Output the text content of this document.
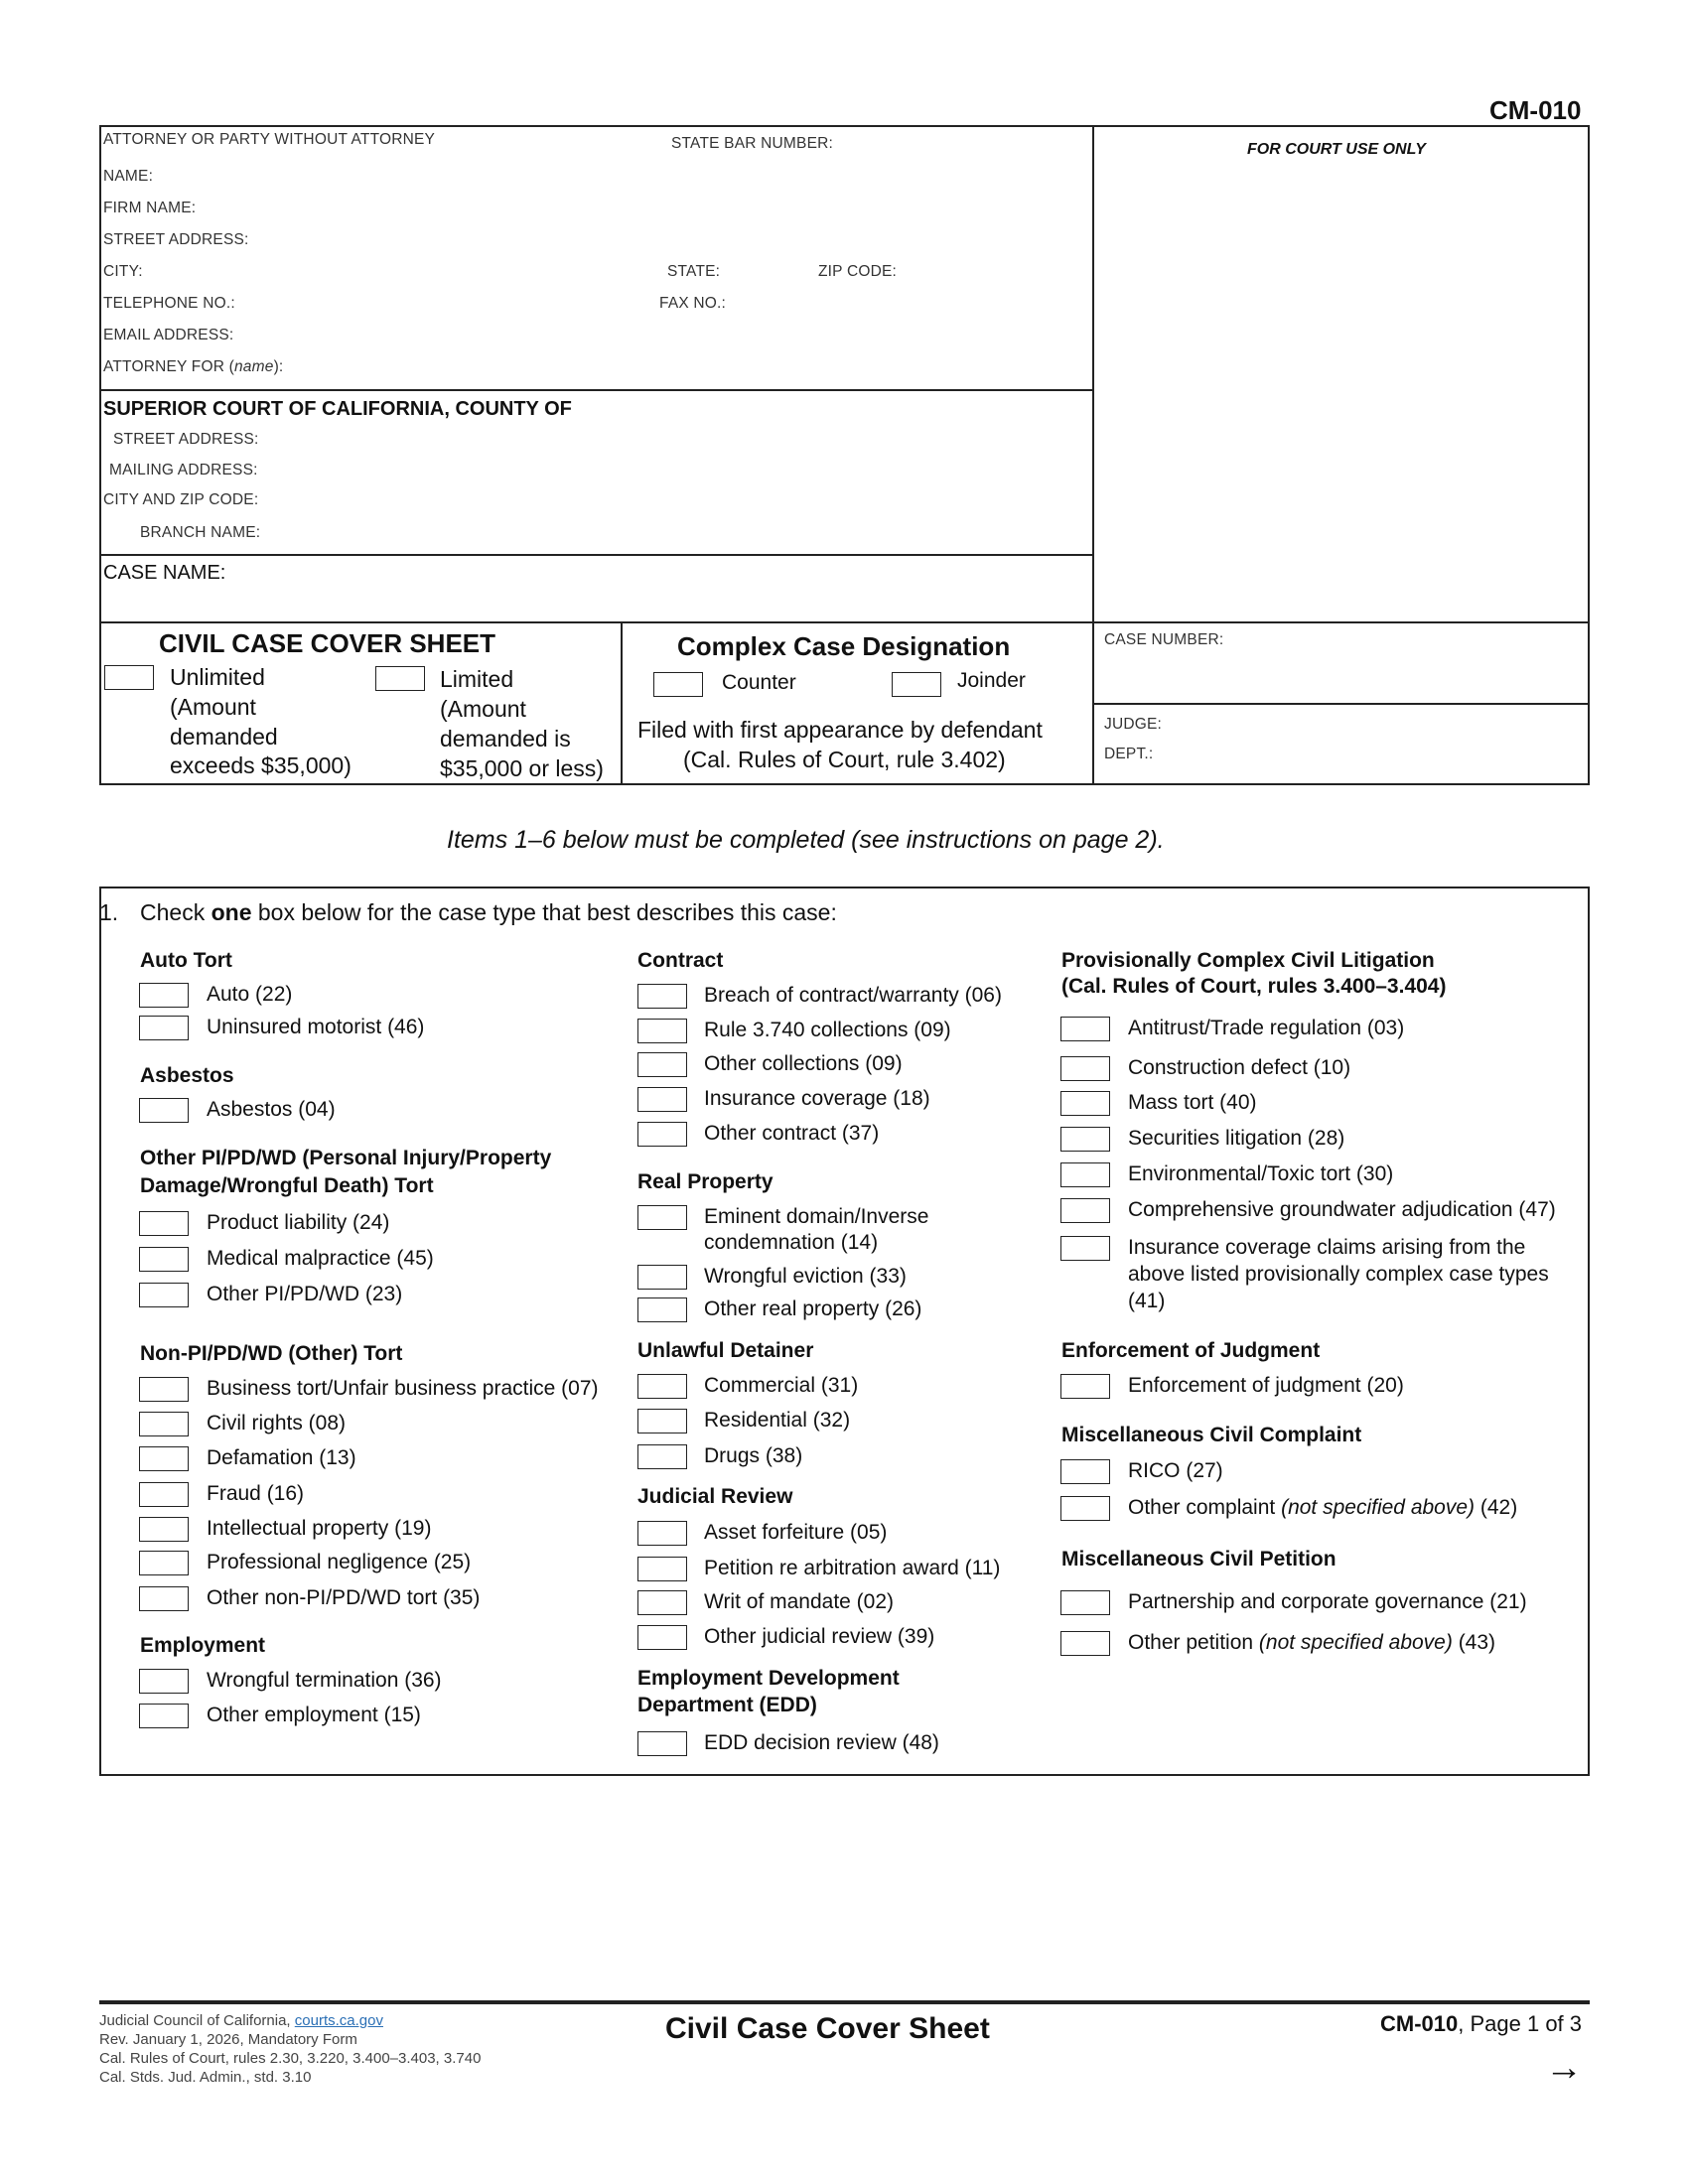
CM-010
ATTORNEY OR PARTY WITHOUT ATTORNEY	STATE BAR NUMBER:
NAME:
FIRM NAME:
STREET ADDRESS:
CITY:	STATE:	ZIP CODE:
TELEPHONE NO.:	FAX NO.:
EMAIL ADDRESS:
ATTORNEY FOR (name):
FOR COURT USE ONLY
SUPERIOR COURT OF CALIFORNIA, COUNTY OF
STREET ADDRESS:
MAILING ADDRESS:
CITY AND ZIP CODE:
BRANCH NAME:
CASE NAME:
CIVIL CASE COVER SHEET
Unlimited
(Amount
demanded
exceeds $35,000)
Limited
(Amount
demanded is
$35,000 or less)
Complex Case Designation
Counter	Joinder
Filed with first appearance by defendant
(Cal. Rules of Court, rule 3.402)
CASE NUMBER:
JUDGE:
DEPT.:
Items 1–6 below must be completed (see instructions on page 2).
1. Check one box below for the case type that best describes this case:
Auto Tort
Auto (22)
Uninsured motorist (46)
Asbestos
Asbestos (04)
Other PI/PD/WD (Personal Injury/Property
Damage/Wrongful Death) Tort
Product liability (24)
Medical malpractice (45)
Other PI/PD/WD (23)
Non-PI/PD/WD (Other) Tort
Business tort/Unfair business practice (07)
Civil rights (08)
Defamation (13)
Fraud (16)
Intellectual property (19)
Professional negligence (25)
Other non-PI/PD/WD tort (35)
Employment
Wrongful termination (36)
Other employment (15)
Contract
Breach of contract/warranty (06)
Rule 3.740 collections (09)
Other collections (09)
Insurance coverage (18)
Other contract (37)
Real Property
Eminent domain/Inverse
condemnation (14)
Wrongful eviction (33)
Other real property (26)
Unlawful Detainer
Commercial (31)
Residential (32)
Drugs (38)
Judicial Review
Asset forfeiture (05)
Petition re arbitration award (11)
Writ of mandate (02)
Other judicial review (39)
Employment Development
Department (EDD)
EDD decision review (48)
Provisionally Complex Civil Litigation
(Cal. Rules of Court, rules 3.400–3.404)
Antitrust/Trade regulation (03)
Construction defect (10)
Mass tort (40)
Securities litigation (28)
Environmental/Toxic tort (30)
Comprehensive groundwater adjudication (47)
Insurance coverage claims arising from the
above listed provisionally complex case types
(41)
Enforcement of Judgment
Enforcement of judgment (20)
Miscellaneous Civil Complaint
RICO (27)
Other complaint (not specified above) (42)
Miscellaneous Civil Petition
Partnership and corporate governance (21)
Other petition (not specified above) (43)
Judicial Council of California, courts.ca.gov
Rev. January 1, 2026, Mandatory Form
Cal. Rules of Court, rules 2.30, 3.220, 3.400–3.403, 3.740
Cal. Stds. Jud. Admin., std. 3.10
Civil Case Cover Sheet	CM-010, Page 1 of 3
→
